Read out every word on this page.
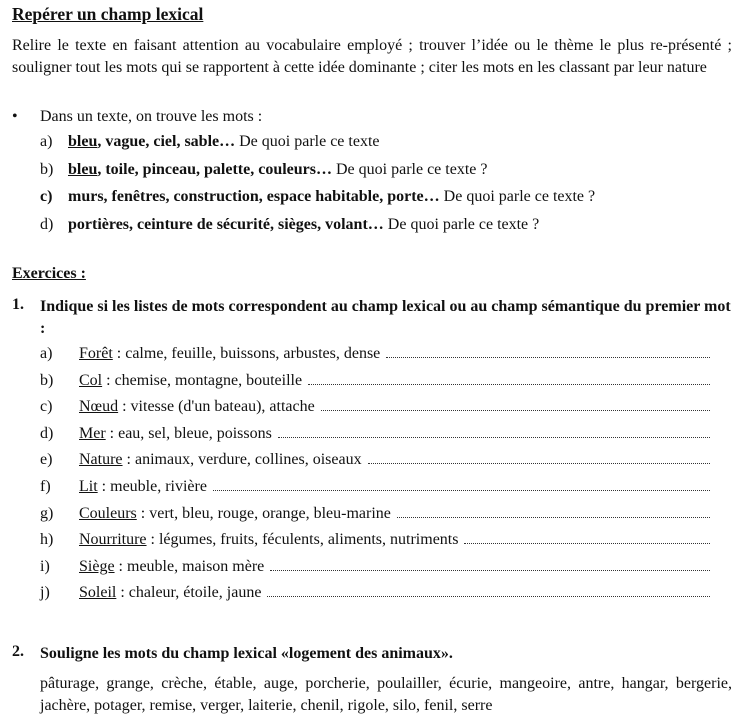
Repérer un champ lexical
Relire le texte en faisant attention au vocabulaire employé ; trouver l’idée ou le thème le plus re-présenté ; souligner tout les mots qui se rapportent à cette idée dominante ; citer les mots en les classant par leur nature
• Dans un texte, on trouve les mots :
a) bleu, vague, ciel, sable… De quoi parle ce texte
b) bleu, toile, pinceau, palette, couleurs… De quoi parle ce texte ?
c) murs, fenêtres, construction, espace habitable, porte… De quoi parle ce texte ?
d) portières, ceinture de sécurité, sièges, volant… De quoi parle ce texte ?
Exercices :
1. Indique si les listes de mots correspondent au champ lexical ou au champ sémantique du premier mot :
a) Forêt : calme, feuille, buissons, arbustes, dense
b) Col : chemise, montagne, bouteille
c) Nœud : vitesse (d'un bateau), attache
d) Mer : eau, sel, bleue, poissons
e) Nature : animaux, verdure, collines, oiseaux
f) Lit : meuble, rivière
g) Couleurs : vert, bleu, rouge, orange, bleu-marine
h) Nourriture : légumes, fruits, féculents, aliments, nutriments
i) Siège : meuble, maison mère
j) Soleil : chaleur, étoile, jaune
2. Souligne les mots du champ lexical «logement des animaux».
pâturage, grange, crèche, étable, auge, porcherie, poulailler, écurie, mangeoire, antre, hangar, bergerie, jachère, potager, remise, verger, laiterie, chenil, rigole, silo, fenil, serre
